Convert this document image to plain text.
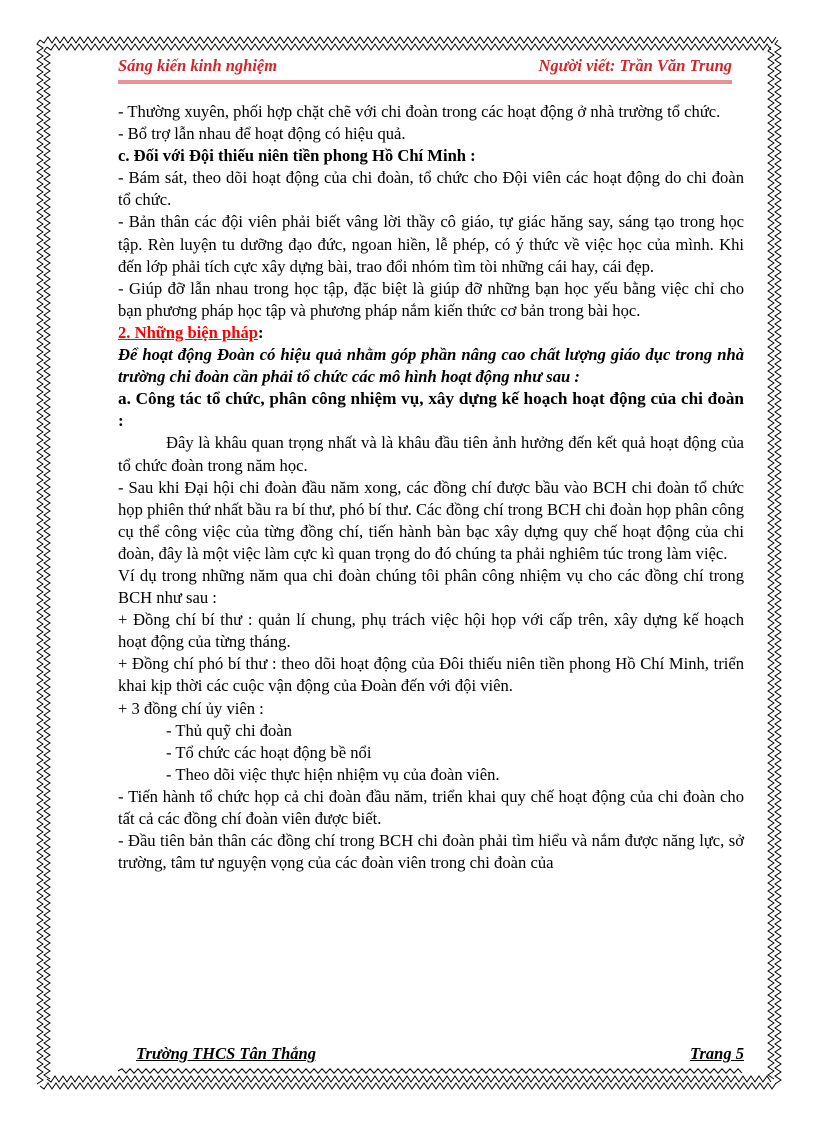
Sáng kiến kinh nghiệm	Người viết: Trần Văn Trung

- Thường xuyên, phối hợp chặt chẽ với chi đoàn trong các hoạt động ở nhà trường tổ chức.

- Bổ trợ lẫn nhau để hoạt động có hiệu quả.

c. Đối với Đội thiếu niên tiền phong Hồ Chí Minh :

- Bám sát, theo dõi hoạt động của chi đoàn, tổ chức cho Đội viên các hoạt động do chi đoàn tổ chức.

- Bản thân các đội viên phải biết vâng lời thầy cô giáo, tự giác hăng say, sáng tạo trong học tập. Rèn luyện tu dưỡng đạo đức, ngoan hiền, lễ phép, có ý thức về việc học của mình. Khi đến lớp phải tích cực xây dựng bài, trao đổi nhóm tìm tòi những cái hay, cái đẹp.

- Giúp đỡ lẫn nhau trong học tập, đặc biệt là giúp đỡ những bạn học yếu bằng việc chỉ cho bạn phương pháp học tập và phương pháp nắm kiến thức cơ bản trong bài học.

2. Những biện pháp:

Để hoạt động Đoàn có hiệu quả nhằm góp phần nâng cao chất lượng giáo dục trong nhà trường chi đoàn cần phải tổ chức các mô hình hoạt động như sau :

a. Công tác tổ chức, phân công nhiệm vụ, xây dựng kế hoạch hoạt động của chi đoàn :

Đây là khâu quan trọng nhất và là khâu đầu tiên ảnh hưởng đến kết quả hoạt động của tổ chức đoàn trong năm học.

- Sau khi Đại hội chi đoàn đầu năm xong, các đồng chí được bầu vào BCH chi đoàn tổ chức họp phiên thứ nhất bầu ra bí thư, phó bí thư. Các đồng chí trong BCH chi đoàn họp phân công cụ thể công việc của từng đồng chí, tiến hành bàn bạc xây dựng quy chế hoạt động của chi đoàn, đây là một việc làm cực kì quan trọng do đó chúng ta phải nghiêm túc trong làm việc.

Ví dụ trong những năm qua chi đoàn chúng tôi phân công nhiệm vụ cho các đồng chí trong BCH như sau :

+ Đồng chí bí thư : quản lí chung, phụ trách việc hội họp với cấp trên, xây dựng kế hoạch hoạt động của từng tháng.

+ Đồng chí phó bí thư : theo dõi hoạt động của Đôi thiếu niên tiền phong Hồ Chí Minh, triển khai kịp thời các cuộc vận động của Đoàn đến với đội viên.

+ 3 đồng chí ủy viên :

- Thủ quỹ chi đoàn

- Tổ chức các hoạt động bề nổi

- Theo dõi việc thực hiện nhiệm vụ của đoàn viên.

- Tiến hành tổ chức họp cả chi đoàn đầu năm, triển khai quy chế hoạt động của chi đoàn cho tất cả các đồng chí đoàn viên được biết.

- Đầu tiên bản thân các đồng chí trong BCH chi đoàn phải tìm hiểu và nắm được năng lực, sở trường, tâm tư nguyện vọng của các đoàn viên trong chi đoàn của

Trường THCS Tân Thắng	Trang 5
